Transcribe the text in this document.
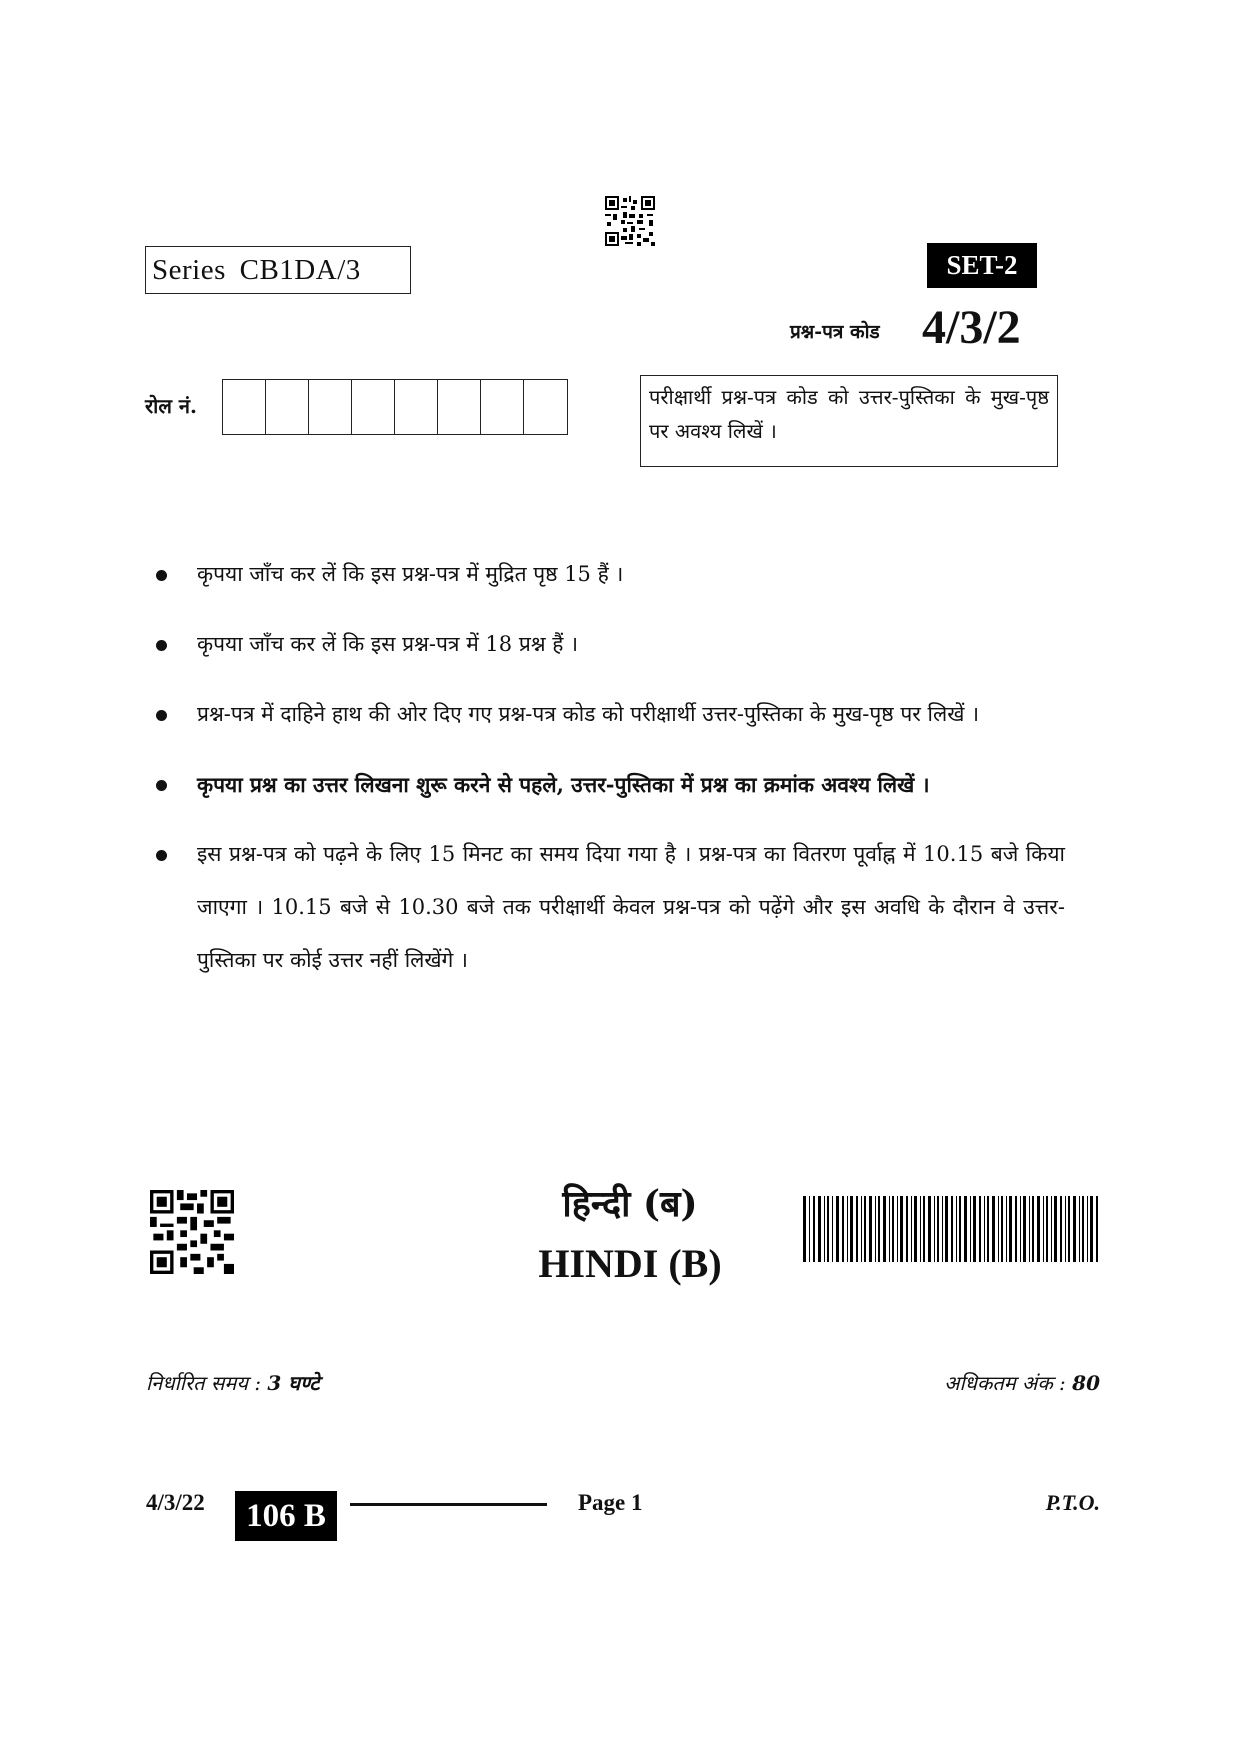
Series CB1DA/3	SET-2
प्रश्न-पत्र कोड 4/3/2
रोल नं.	परीक्षार्थी प्रश्न-पत्र कोड को उत्तर-पुस्तिका के मुख-पृष्ठ पर अवश्य लिखें ।
कृपया जाँच कर लें कि इस प्रश्न-पत्र में मुद्रित पृष्ठ 15 हैं ।
कृपया जाँच कर लें कि इस प्रश्न-पत्र में 18 प्रश्न हैं ।
प्रश्न-पत्र में दाहिने हाथ की ओर दिए गए प्रश्न-पत्र कोड को परीक्षार्थी उत्तर-पुस्तिका के मुख-पृष्ठ पर लिखें ।
कृपया प्रश्न का उत्तर लिखना शुरू करने से पहले, उत्तर-पुस्तिका में प्रश्न का क्रमांक अवश्य लिखें ।
इस प्रश्न-पत्र को पढ़ने के लिए 15 मिनट का समय दिया गया है । प्रश्न-पत्र का वितरण पूर्वाह्न में 10.15 बजे किया जाएगा । 10.15 बजे से 10.30 बजे तक परीक्षार्थी केवल प्रश्न-पत्र को पढ़ेंगे और इस अवधि के दौरान वे उत्तर-पुस्तिका पर कोई उत्तर नहीं लिखेंगे ।
हिन्दी (ब)
HINDI (B)
निर्धारित समय : 3 घण्टे	अधिकतम अंक : 80
4/3/22	106 B	Page 1	P.T.O.
